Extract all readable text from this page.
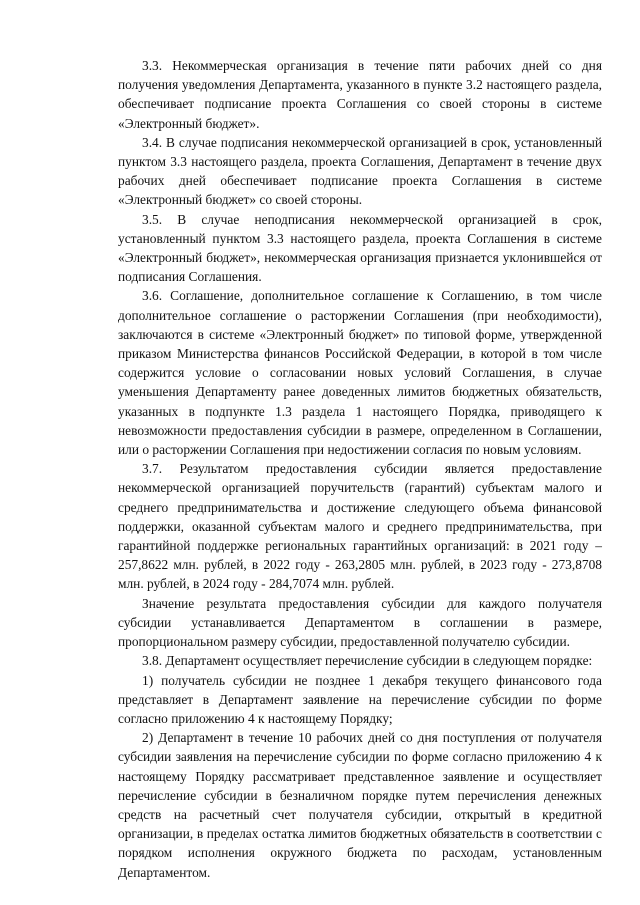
3.3. Некоммерческая организация в течение пяти рабочих дней со дня получения уведомления Департамента, указанного в пункте 3.2 настоящего раздела, обеспечивает подписание проекта Соглашения со своей стороны в системе «Электронный бюджет».

3.4. В случае подписания некоммерческой организацией в срок, установленный пунктом 3.3 настоящего раздела, проекта Соглашения, Департамент в течение двух рабочих дней обеспечивает подписание проекта Соглашения в системе «Электронный бюджет» со своей стороны.

3.5. В случае неподписания некоммерческой организацией в срок, установленный пунктом 3.3 настоящего раздела, проекта Соглашения в системе «Электронный бюджет», некоммерческая организация признается уклонившейся от подписания Соглашения.

3.6. Соглашение, дополнительное соглашение к Соглашению, в том числе дополнительное соглашение о расторжении Соглашения (при необходимости), заключаются в системе «Электронный бюджет» по типовой форме, утвержденной приказом Министерства финансов Российской Федерации, в которой в том числе содержится условие о согласовании новых условий Соглашения, в случае уменьшения Департаменту ранее доведенных лимитов бюджетных обязательств, указанных в подпункте 1.3 раздела 1 настоящего Порядка, приводящего к невозможности предоставления субсидии в размере, определенном в Соглашении, или о расторжении Соглашения при недостижении согласия по новым условиям.

3.7. Результатом предоставления субсидии является предоставление некоммерческой организацией поручительств (гарантий) субъектам малого и среднего предпринимательства и достижение следующего объема финансовой поддержки, оказанной субъектам малого и среднего предпринимательства, при гарантийной поддержке региональных гарантийных организаций: в 2021 году – 257,8622 млн. рублей, в 2022 году - 263,2805 млн. рублей, в 2023 году - 273,8708 млн. рублей, в 2024 году - 284,7074 млн. рублей.

Значение результата предоставления субсидии для каждого получателя субсидии устанавливается Департаментом в соглашении в размере, пропорциональном размеру субсидии, предоставленной получателю субсидии.

3.8. Департамент осуществляет перечисление субсидии в следующем порядке:

1) получатель субсидии не позднее 1 декабря текущего финансового года представляет в Департамент заявление на перечисление субсидии по форме согласно приложению 4 к настоящему Порядку;

2) Департамент в течение 10 рабочих дней со дня поступления от получателя субсидии заявления на перечисление субсидии по форме согласно приложению 4 к настоящему Порядку рассматривает представленное заявление и осуществляет перечисление субсидии в безналичном порядке путем перечисления денежных средств на расчетный счет получателя субсидии, открытый в кредитной организации, в пределах остатка лимитов бюджетных обязательств в соответствии с порядком исполнения окружного бюджета по расходам, установленным Департаментом.
